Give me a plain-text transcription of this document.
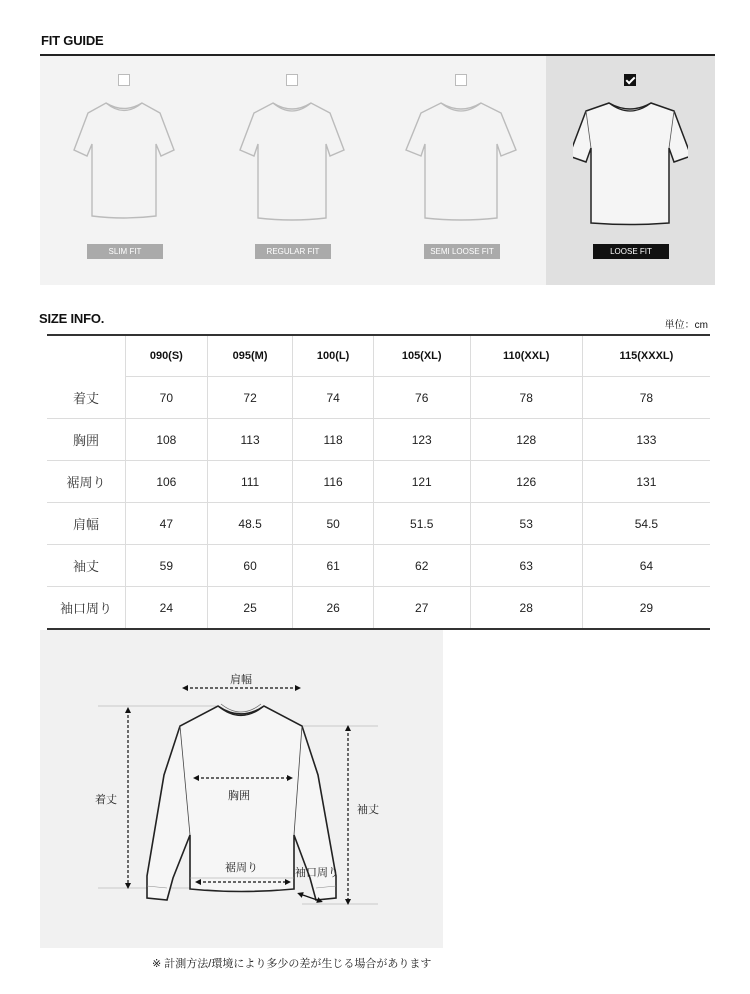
FIT GUIDE
SLIM FIT	REGULAR FIT	SEMI LOOSE FIT	LOOSE FIT
SIZE INFO.	単位：cm
	090(S)	095(M)	100(L)	105(XL)	110(XXL)	115(XXXL)
着丈	70	72	74	76	78	78
胸囲	108	113	118	123	128	133
裾周り	106	111	116	121	126	131
肩幅	47	48.5	50	51.5	53	54.5
袖丈	59	60	61	62	63	64
袖口周り	24	25	26	27	28	29
肩幅
着丈	胸囲
袖丈
裾周り	袖口周り
※ 計測方法/環境により多少の差が生じる場合があります
